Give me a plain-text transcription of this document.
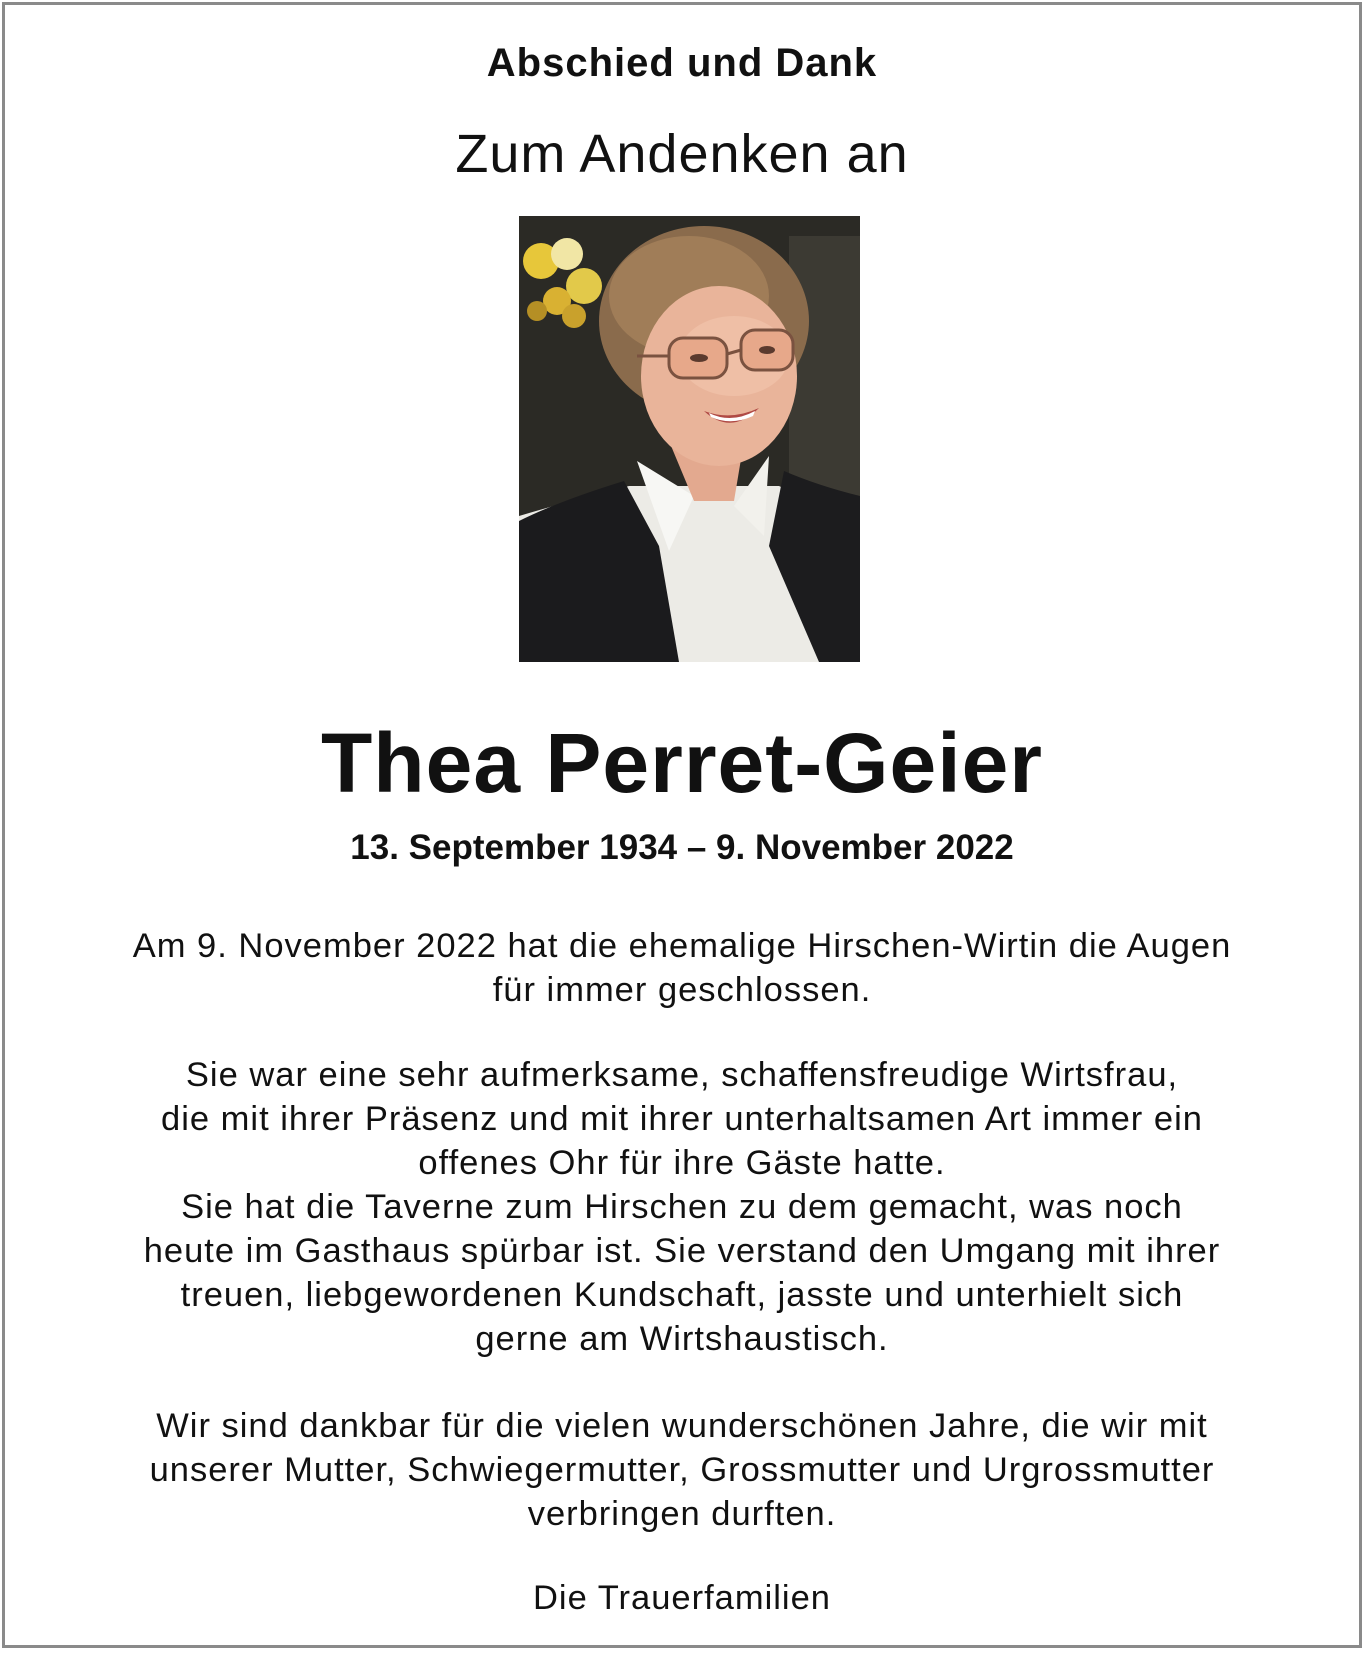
Abschied und Dank
Zum Andenken an
Thea Perret-Geier
13. September 1934 – 9. November 2022
Am 9. November 2022 hat die ehemalige Hirschen-Wirtin die Augen
für immer geschlossen.
Sie war eine sehr aufmerksame, schaffensfreudige Wirtsfrau,
die mit ihrer Präsenz und mit ihrer unterhaltsamen Art immer ein
offenes Ohr für ihre Gäste hatte.
Sie hat die Taverne zum Hirschen zu dem gemacht, was noch
heute im Gasthaus spürbar ist. Sie verstand den Umgang mit ihrer
treuen, liebgewordenen Kundschaft, jasste und unterhielt sich
gerne am Wirtshaustisch.
Wir sind dankbar für die vielen wunderschönen Jahre, die wir mit
unserer Mutter, Schwiegermutter, Grossmutter und Urgrossmutter
verbringen durften.
Die Trauerfamilien
